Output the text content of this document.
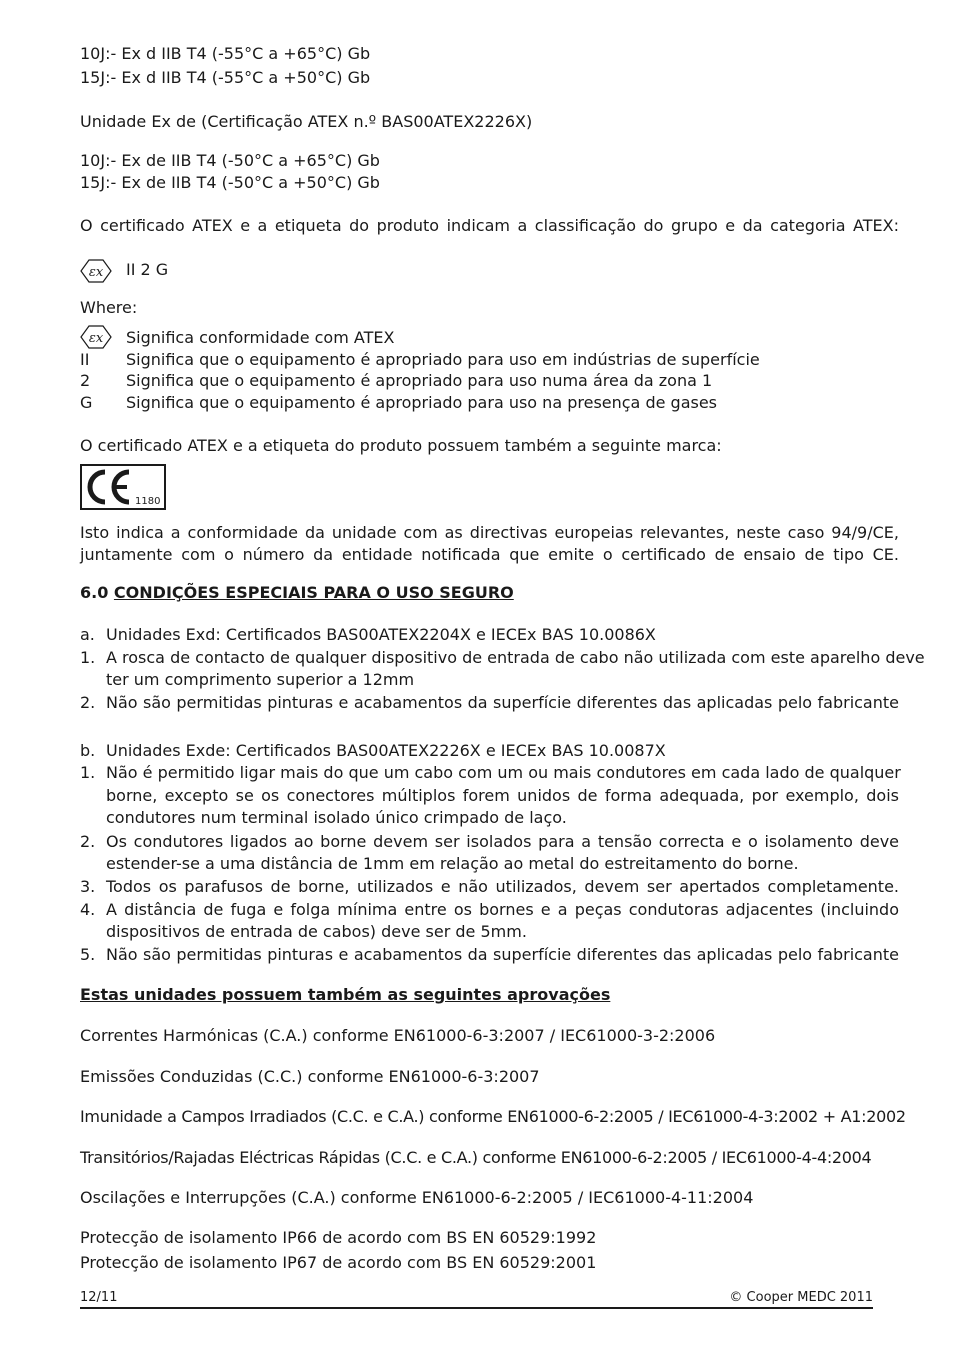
10J:- Ex d IIB T4 (-55°C a +65°C) Gb
15J:- Ex d IIB T4 (-55°C a +50°C) Gb
Unidade Ex de (Certificação ATEX n.º BAS00ATEX2226X)
10J:- Ex de IIB T4 (-50°C a +65°C) Gb
15J:- Ex de IIB T4 (-50°C a +50°C) Gb
O certificado ATEX e a etiqueta do produto indicam a classificação do grupo e da categoria ATEX:
εx II 2 G
Where:
εx Significa conformidade com ATEX
II Significa que o equipamento é apropriado para uso em indústrias de superfície
2 Significa que o equipamento é apropriado para uso numa área da zona 1
G Significa que o equipamento é apropriado para uso na presença de gases
O certificado ATEX e a etiqueta do produto possuem também a seguinte marca:
1180
Isto indica a conformidade da unidade com as directivas europeias relevantes, neste caso 94/9/CE,
juntamente com o número da entidade notificada que emite o certificado de ensaio de tipo CE.
6.0 CONDIÇÕES ESPECIAIS PARA O USO SEGURO
a. Unidades Exd: Certificados BAS00ATEX2204X e IECEx BAS 10.0086X
1. A rosca de contacto de qualquer dispositivo de entrada de cabo não utilizada com este aparelho deve
ter um comprimento superior a 12mm
2. Não são permitidas pinturas e acabamentos da superfície diferentes das aplicadas pelo fabricante
b. Unidades Exde: Certificados BAS00ATEX2226X e IECEx BAS 10.0087X
1. Não é permitido ligar mais do que um cabo com um ou mais condutores em cada lado de qualquer
borne, excepto se os conectores múltiplos forem unidos de forma adequada, por exemplo, dois
condutores num terminal isolado único crimpado de laço.
2. Os condutores ligados ao borne devem ser isolados para a tensão correcta e o isolamento deve
estender-se a uma distância de 1mm em relação ao metal do estreitamento do borne.
3. Todos os parafusos de borne, utilizados e não utilizados, devem ser apertados completamente.
4. A distância de fuga e folga mínima entre os bornes e a peças condutoras adjacentes (incluindo
dispositivos de entrada de cabos) deve ser de 5mm.
5. Não são permitidas pinturas e acabamentos da superfície diferentes das aplicadas pelo fabricante
Estas unidades possuem também as seguintes aprovações
Correntes Harmónicas (C.A.) conforme EN61000-6-3:2007 / IEC61000-3-2:2006
Emissões Conduzidas (C.C.) conforme EN61000-6-3:2007
Imunidade a Campos Irradiados (C.C. e C.A.) conforme EN61000-6-2:2005 / IEC61000-4-3:2002 + A1:2002
Transitórios/Rajadas Eléctricas Rápidas (C.C. e C.A.) conforme EN61000-6-2:2005 / IEC61000-4-4:2004
Oscilações e Interrupções (C.A.) conforme EN61000-6-2:2005 / IEC61000-4-11:2004
Protecção de isolamento IP66 de acordo com BS EN 60529:1992
Protecção de isolamento IP67 de acordo com BS EN 60529:2001
12/11	© Cooper MEDC 2011
